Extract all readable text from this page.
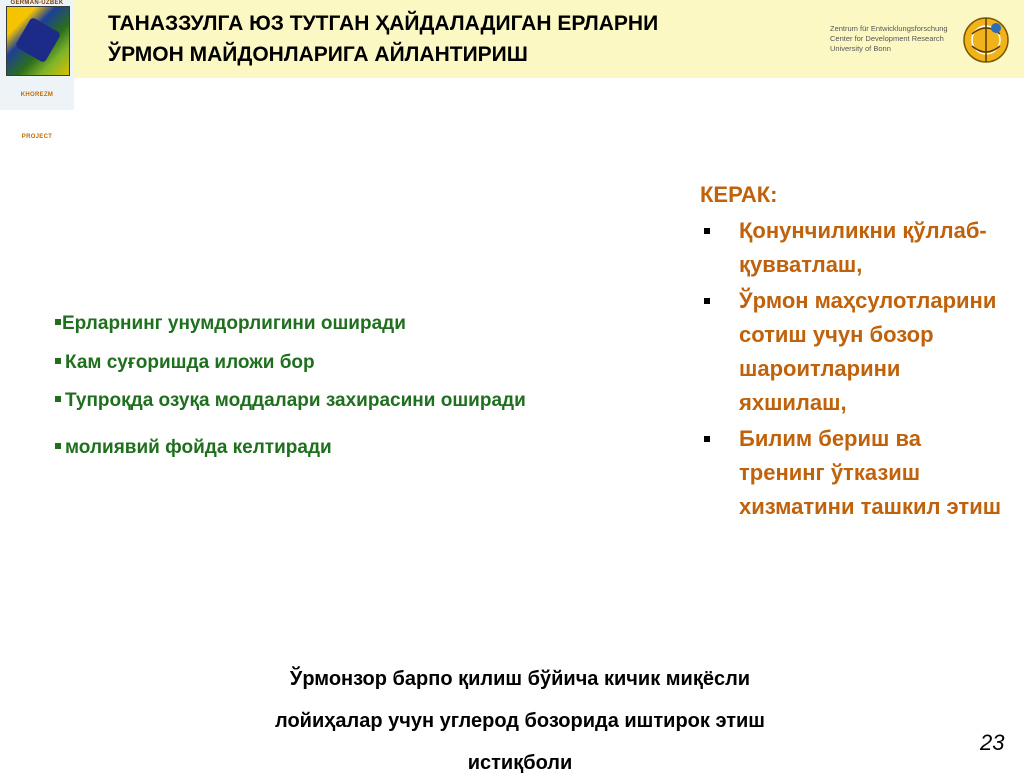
GERMAN-UZBEK
KHOREZM PROJECT
ТАНАЗЗУЛГА ЮЗ ТУТГАН ҲАЙДАЛАДИГАН ЕРЛАРНИ
ЎРМОН МАЙДОНЛАРИГА АЙЛАНТИРИШ
Zentrum für Entwicklungsforschung
Center for Development Research
University of Bonn
Ерларнинг унумдорлигини оширади
Кам суғоришда иложи бор
Тупроқда озуқа моддалари захирасини оширади
молиявий фойда келтиради
КЕРАК:
Қонунчиликни қўллаб-қувватлаш,
Ўрмон маҳсулотларини сотиш учун бозор шароитларини яхшилаш,
Билим бериш ва тренинг ўтказиш хизматини ташкил этиш
Ўрмонзор барпо қилиш бўйича кичик миқёсли
лойиҳалар учун углерод бозорида иштирок этиш
истиқболи
23
